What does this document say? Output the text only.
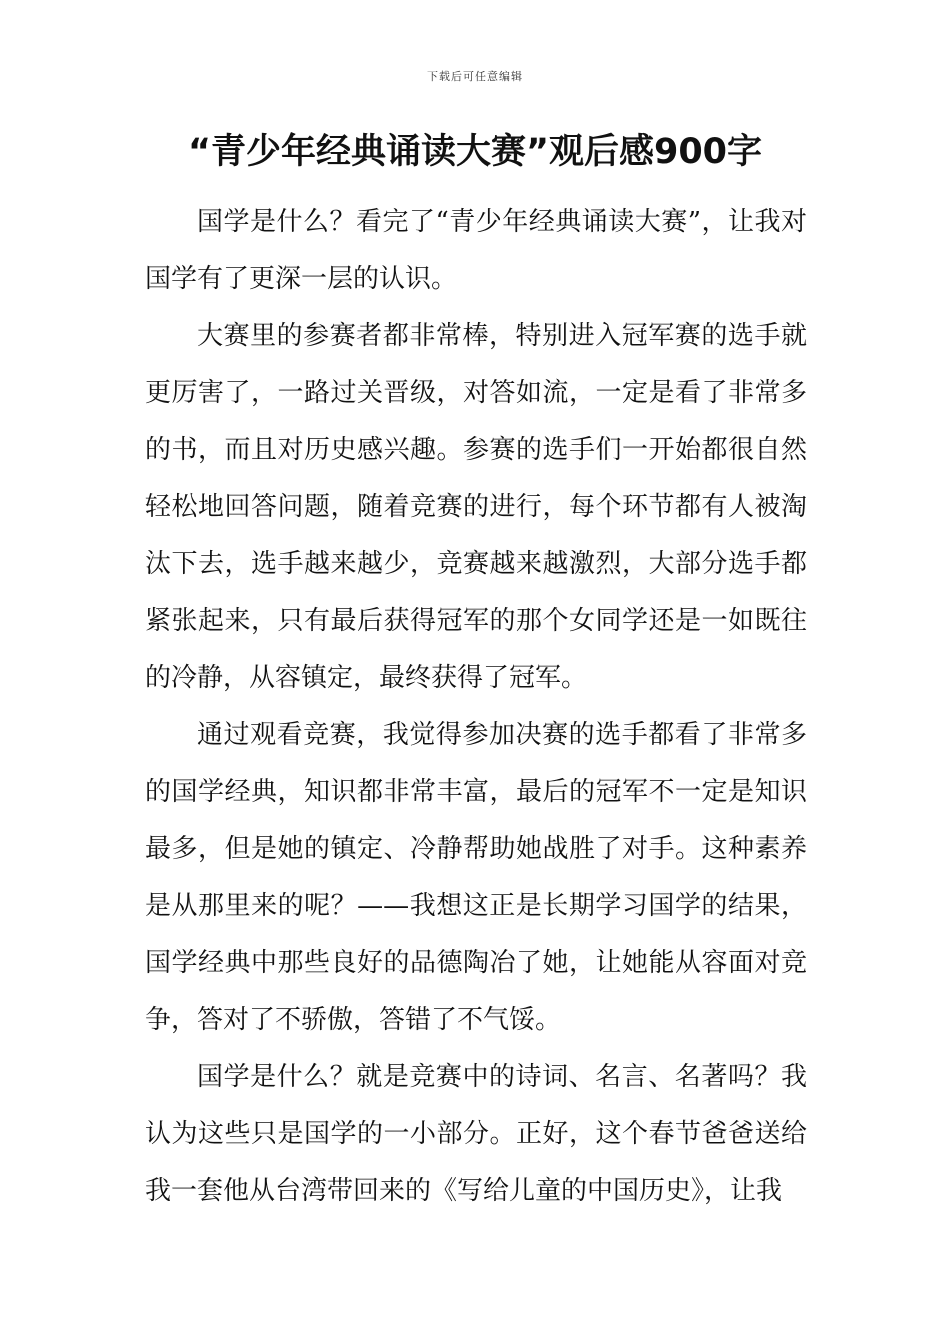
下载后可任意编辑
“青少年经典诵读大赛”观后感900字

国学是什么？看完了“青少年经典诵读大赛”，让我对国学有了更深一层的认识。

大赛里的参赛者都非常棒，特别进入冠军赛的选手就更厉害了，一路过关晋级，对答如流，一定是看了非常多的书，而且对历史感兴趣。参赛的选手们一开始都很自然轻松地回答问题，随着竞赛的进行，每个环节都有人被淘汰下去，选手越来越少，竞赛越来越激烈，大部分选手都紧张起来，只有最后获得冠军的那个女同学还是一如既往的冷静，从容镇定，最终获得了冠军。

通过观看竞赛，我觉得参加决赛的选手都看了非常多的国学经典，知识都非常丰富，最后的冠军不一定是知识最多，但是她的镇定、冷静帮助她战胜了对手。这种素养是从那里来的呢？——我想这正是长期学习国学的结果，国学经典中那些良好的品德陶冶了她，让她能从容面对竞争，答对了不骄傲，答错了不气馁。

国学是什么？就是竞赛中的诗词、名言、名著吗？我认为这些只是国学的一小部分。正好，这个春节爸爸送给我一套他从台湾带回来的《写给儿童的中国历史》，让我
